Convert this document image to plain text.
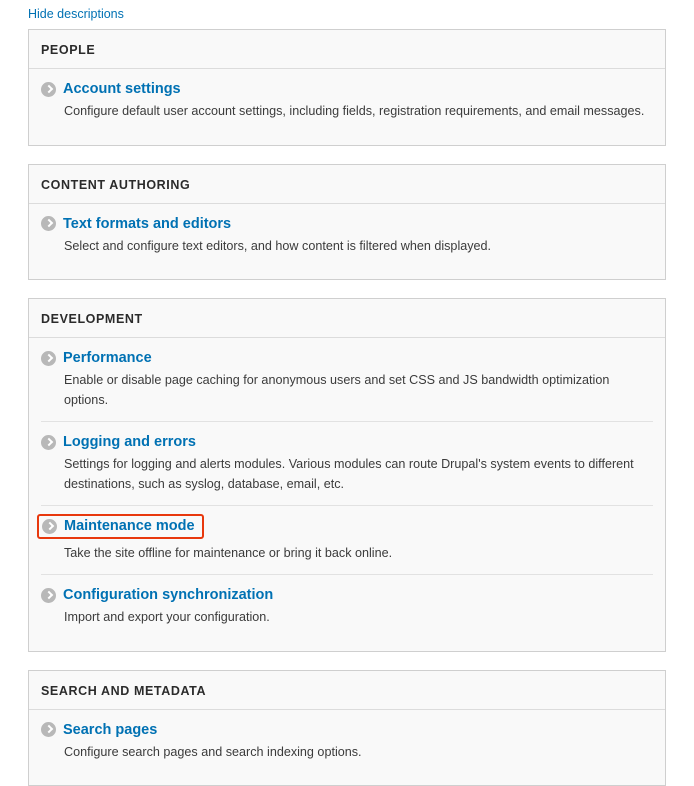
Hide descriptions
PEOPLE
Account settings
Configure default user account settings, including fields, registration requirements, and email messages.
CONTENT AUTHORING
Text formats and editors
Select and configure text editors, and how content is filtered when displayed.
DEVELOPMENT
Performance
Enable or disable page caching for anonymous users and set CSS and JS bandwidth optimization options.
Logging and errors
Settings for logging and alerts modules. Various modules can route Drupal's system events to different destinations, such as syslog, database, email, etc.
Maintenance mode
Take the site offline for maintenance or bring it back online.
Configuration synchronization
Import and export your configuration.
SEARCH AND METADATA
Search pages
Configure search pages and search indexing options.
